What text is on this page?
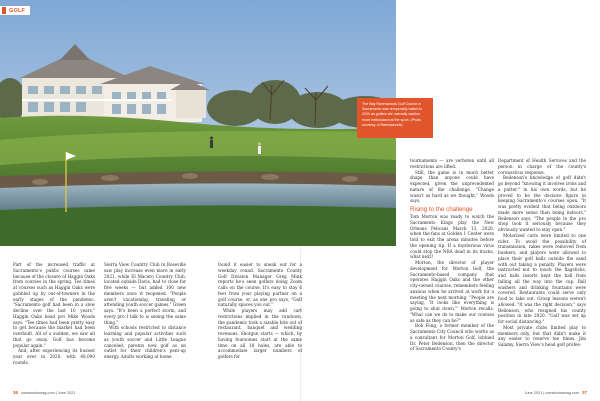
GOLF
The Bay Ravenwoods Golf Course in Sacramento was temporarily halted in 2020 as golfers are naturally caution more enthusiasm at the sport. (Photo courtesy of Ravenwoods)

Part of the increased traffic at Sacramento's public courses came because of the closure of Haggin Oaks from courses in the spring. Tee times at courses such as Haggin Oaks were gobbled up by out-of-towners in the early stages of the pandemic. "Sacramento golf had been in a slow decline over the last 10 years," Haggin Oaks head pro Mike Woods says. "Tee times had been pretty easy to get because the market had been overbuilt. All of a sudden, we saw all that go away. Golf has become popular again."

And, after experiencing its busiest year ever in 2020, with 48,000 rounds,

Sierra View Country Club in Roseville saw play increase even more in early 2021, while El Macero Country Club, located outside Davis, had to close for five weeks — but added 100 new members once it reopened. "People aren't vacationing, traveling or attending youth soccer games," Green says. "It's been a perfect storm, and every pro I talk to is seeing the same thing."

With schools restricted to distance learning and popular activities such as youth soccer and Little League canceled, parents now golf as an outlet for their children's pent-up energy. Adults working at home

found it easier to sneak out for a weekday round. Sacramento County Golf Division Manager Greg Mink reports he's seen golfers doing Zoom calls on the course. It's easy to stay 6 feet from your playing partner on a golf course, or, as one pro says, "Golf naturally spaces you out."

While players may add cart restrictions implied in the rundown, the pandemic took a sizable bite out of restaurant, banquet and wedding revenues. Shotgun starts — which, by having foursomes start at the same time on all 18 holes, are able to accommodate larger numbers of golfers for

tournaments — are verboten until all restrictions are lifted.

Still, the game is in much better shape than anyone could have expected, given the unprecedented nature of the challenge. "Change wasn't as hard as we thought," Woods says.

Rising to the challenge

Tom Morton was ready to watch the Sacramento Kings play the New Orleans Pelicans March 13, 2020, when the fans at Golden 1 Center were told to exit the arena minutes before the opening tip. If a mysterious virus could stop the NBA dead in its tracks, what next?

Morton, the director of player development for Morton Golf, the Sacramento-based company that operates Haggin Oaks and the other city-owned courses, remembers feeling anxious when he arrived at work for a meeting the next morning. "People are saying, 'It looks like everything is going to shut down,'" Morton recalls. "What can we do to make our courses as safe as they can be?"

Bob Fong, a former member of the Sacramento City Council who works as a consultant for Morton Golf, lobbied Dr. Peter Beilenson, then the director of Sacramento County's

Department of Health Services and the person in charge of the county's coronavirus response.

Beilenson's knowledge of golf didn't go beyond "knowing it involves irons and a putter," in his own words, but he proved to be the decisive figure in keeping Sacramento's courses open. "It was pretty evident that being outdoors made more sense than being indoors," Beilenson says. "The people in the pro shop took it seriously because they obviously wanted to stay open."

Motorized carts were limited to one rider. To avoid the possibility of transmission, rakes were removed from bunkers, and players were allowed to place their golf balls outside the sand with out taking a penalty. Players were instructed not to touch the flagsticks, and balls inserts kept the ball from falling all the way into the cup. Ball washers and drinking fountains were covered. Restaurants could serve only food to take out. Group lessons weren't allowed. "It was the right decision," says Beilenson, who resigned his county position in late 2020. "Golf was set up for social distancing."

Most private clubs limited play to members only, but that didn't make it any easier to reserve tee times. Jim Salamy, Sierra View's head golf profes-

36 comstocksmag.com | June 2021	June 2021 | comstocksmag.com 37
